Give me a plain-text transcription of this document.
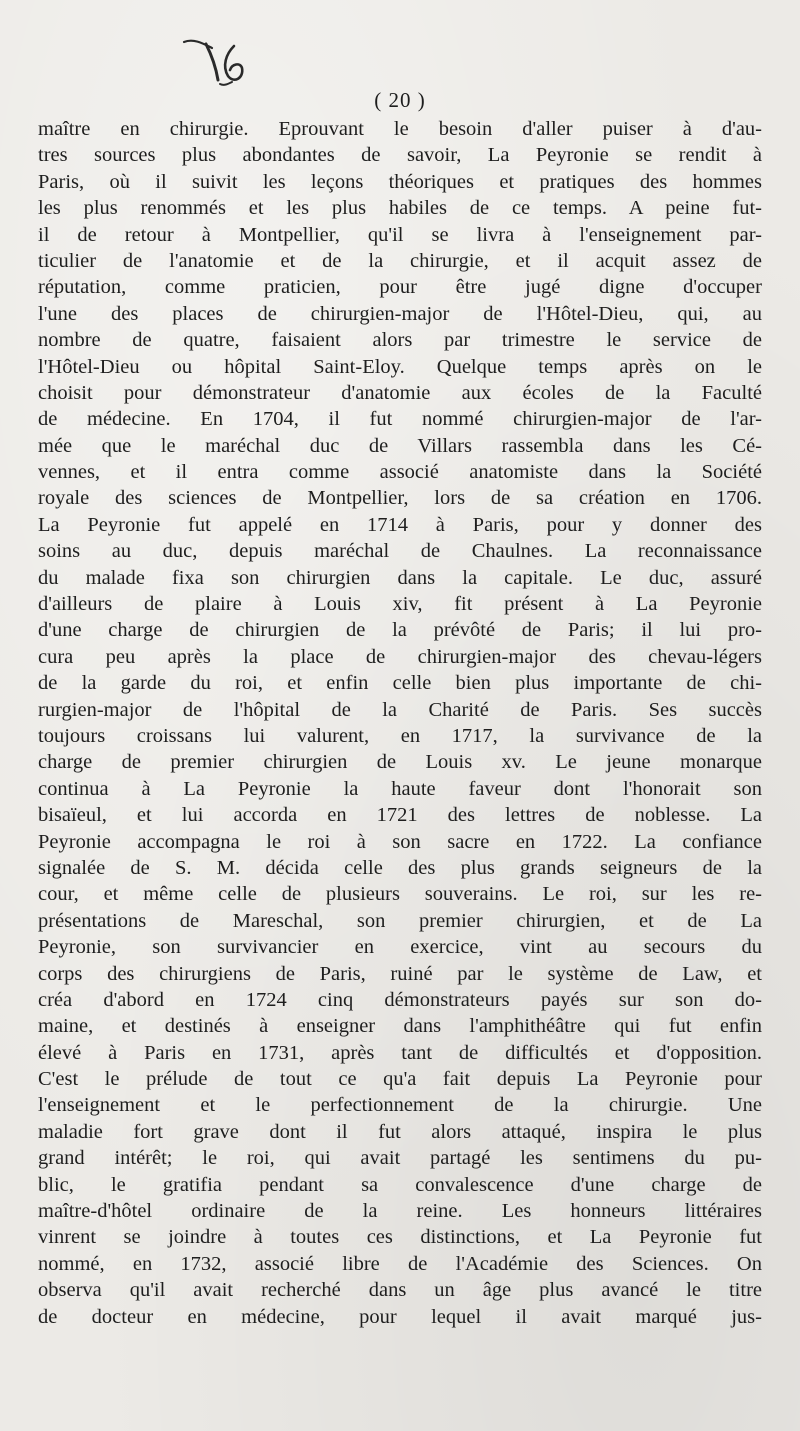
( 20 )
maître en chirurgie. Eprouvant le besoin d'aller puiser à d'au-
tres sources plus abondantes de savoir, La Peyronie se rendit à
Paris, où il suivit les leçons théoriques et pratiques des hommes
les plus renommés et les plus habiles de ce temps. A peine fut-
il de retour à Montpellier, qu'il se livra à l'enseignement par-
ticulier de l'anatomie et de la chirurgie, et il acquit assez de
réputation, comme praticien, pour être jugé digne d'occuper
l'une des places de chirurgien-major de l'Hôtel-Dieu, qui, au
nombre de quatre, faisaient alors par trimestre le service de
l'Hôtel-Dieu ou hôpital Saint-Eloy. Quelque temps après on le
choisit pour démonstrateur d'anatomie aux écoles de la Faculté
de médecine. En 1704, il fut nommé chirurgien-major de l'ar-
mée que le maréchal duc de Villars rassembla dans les Cé-
vennes, et il entra comme associé anatomiste dans la Société
royale des sciences de Montpellier, lors de sa création en 1706.
La Peyronie fut appelé en 1714 à Paris, pour y donner des
soins au duc, depuis maréchal de Chaulnes. La reconnaissance
du malade fixa son chirurgien dans la capitale. Le duc, assuré
d'ailleurs de plaire à Louis xiv, fit présent à La Peyronie
d'une charge de chirurgien de la prévôté de Paris; il lui pro-
cura peu après la place de chirurgien-major des chevau-légers
de la garde du roi, et enfin celle bien plus importante de chi-
rurgien-major de l'hôpital de la Charité de Paris. Ses succès
toujours croissans lui valurent, en 1717, la survivance de la
charge de premier chirurgien de Louis xv. Le jeune monarque
continua à La Peyronie la haute faveur dont l'honorait son
bisaïeul, et lui accorda en 1721 des lettres de noblesse. La
Peyronie accompagna le roi à son sacre en 1722. La confiance
signalée de S. M. décida celle des plus grands seigneurs de la
cour, et même celle de plusieurs souverains. Le roi, sur les re-
présentations de Mareschal, son premier chirurgien, et de La
Peyronie, son survivancier en exercice, vint au secours du
corps des chirurgiens de Paris, ruiné par le système de Law, et
créa d'abord en 1724 cinq démonstrateurs payés sur son do-
maine, et destinés à enseigner dans l'amphithéâtre qui fut enfin
élevé à Paris en 1731, après tant de difficultés et d'opposition.
C'est le prélude de tout ce qu'a fait depuis La Peyronie pour
l'enseignement et le perfectionnement de la chirurgie. Une
maladie fort grave dont il fut alors attaqué, inspira le plus
grand intérêt; le roi, qui avait partagé les sentimens du pu-
blic, le gratifia pendant sa convalescence d'une charge de
maître-d'hôtel ordinaire de la reine. Les honneurs littéraires
vinrent se joindre à toutes ces distinctions, et La Peyronie fut
nommé, en 1732, associé libre de l'Académie des Sciences. On
observa qu'il avait recherché dans un âge plus avancé le titre
de docteur en médecine, pour lequel il avait marqué jus-
